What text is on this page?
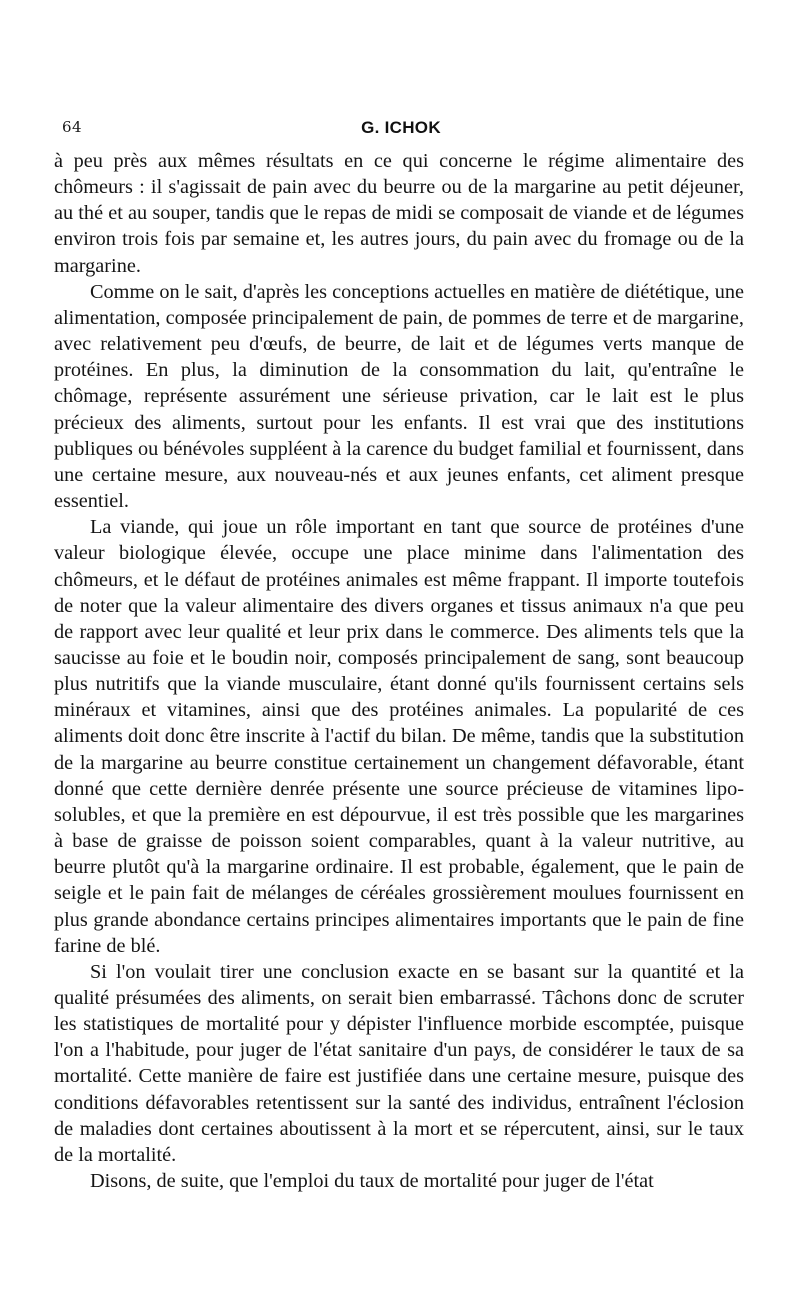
64	G. ICHOK

à peu près aux mêmes résultats en ce qui concerne le régime alimentaire des chômeurs : il s'agissait de pain avec du beurre ou de la margarine au petit déjeuner, au thé et au souper, tandis que le repas de midi se composait de viande et de légumes environ trois fois par semaine et, les autres jours, du pain avec du fromage ou de la margarine.

Comme on le sait, d'après les conceptions actuelles en matière de diététique, une alimentation, composée principalement de pain, de pommes de terre et de margarine, avec relativement peu d'œufs, de beurre, de lait et de légumes verts manque de protéines. En plus, la diminution de la consommation du lait, qu'entraîne le chômage, représente assurément une sérieuse privation, car le lait est le plus précieux des aliments, surtout pour les enfants. Il est vrai que des institutions publiques ou bénévoles suppléent à la carence du budget familial et fournissent, dans une certaine mesure, aux nouveau-nés et aux jeunes enfants, cet aliment presque essentiel.

La viande, qui joue un rôle important en tant que source de protéines d'une valeur biologique élevée, occupe une place minime dans l'alimentation des chômeurs, et le défaut de protéines animales est même frappant. Il importe toutefois de noter que la valeur alimentaire des divers organes et tissus animaux n'a que peu de rapport avec leur qualité et leur prix dans le commerce. Des aliments tels que la saucisse au foie et le boudin noir, composés principalement de sang, sont beaucoup plus nutritifs que la viande musculaire, étant donné qu'ils fournissent certains sels minéraux et vitamines, ainsi que des protéines animales. La popularité de ces aliments doit donc être inscrite à l'actif du bilan. De même, tandis que la substitution de la margarine au beurre constitue certainement un changement défavorable, étant donné que cette dernière denrée présente une source précieuse de vitamines lipo-solubles, et que la première en est dépourvue, il est très possible que les margarines à base de graisse de poisson soient comparables, quant à la valeur nutritive, au beurre plutôt qu'à la margarine ordinaire. Il est probable, également, que le pain de seigle et le pain fait de mélanges de céréales grossièrement moulues fournissent en plus grande abondance certains principes alimentaires importants que le pain de fine farine de blé.

Si l'on voulait tirer une conclusion exacte en se basant sur la quantité et la qualité présumées des aliments, on serait bien embarrassé. Tâchons donc de scruter les statistiques de mortalité pour y dépister l'influence morbide escomptée, puisque l'on a l'habitude, pour juger de l'état sanitaire d'un pays, de considérer le taux de sa mortalité. Cette manière de faire est justifiée dans une certaine mesure, puisque des conditions défavorables retentissent sur la santé des individus, entraînent l'éclosion de maladies dont certaines aboutissent à la mort et se répercutent, ainsi, sur le taux de la mortalité.

Disons, de suite, que l'emploi du taux de mortalité pour juger de l'état
